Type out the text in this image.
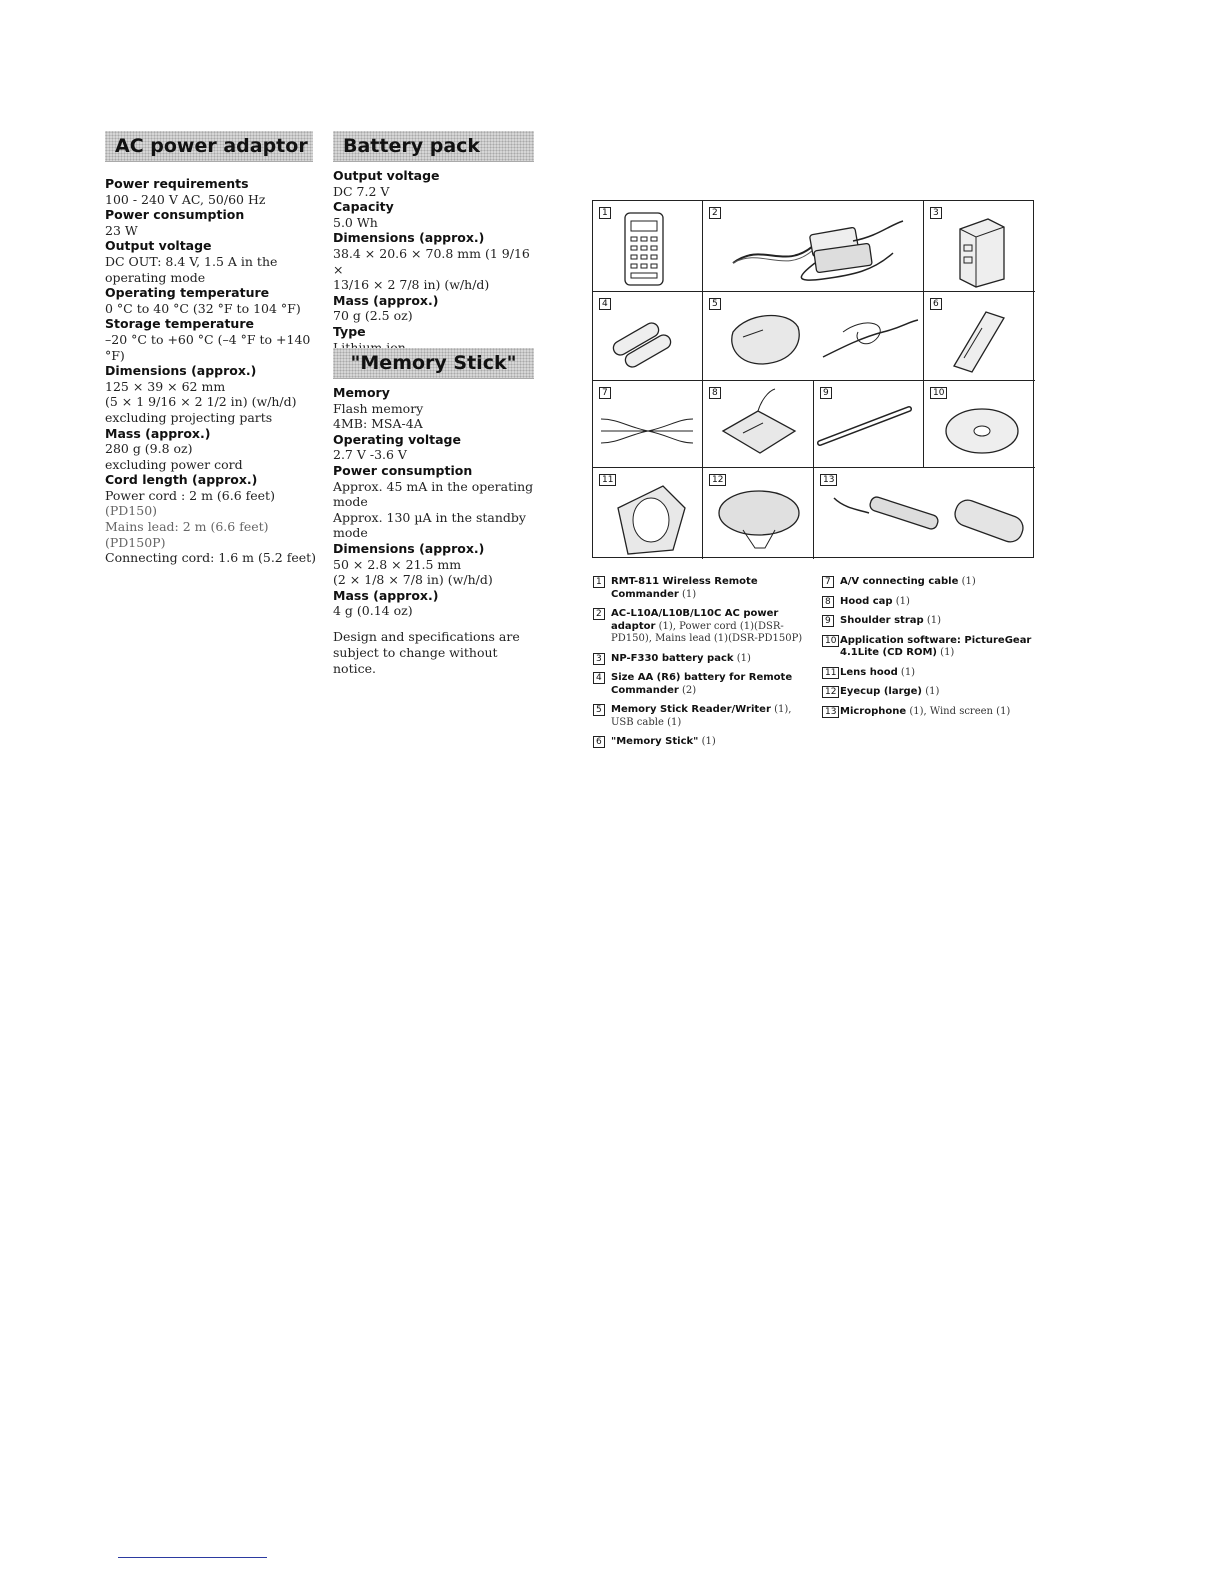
AC power adaptor
Power requirements
100 - 240 V AC, 50/60 Hz
Power consumption
23 W
Output voltage
DC OUT: 8.4 V, 1.5 A in the
operating mode
Operating temperature
0 °C to 40 °C (32 °F to 104 °F)
Storage temperature
–20 °C to +60 °C (–4 °F to +140 °F)
Dimensions (approx.)
125 × 39 × 62 mm
(5 × 1 9/16 × 2 1/2 in) (w/h/d)
excluding projecting parts
Mass (approx.)
280 g (9.8 oz)
excluding power cord
Cord length (approx.)
Power cord : 2 m (6.6 feet)(PD150)
Mains lead: 2 m (6.6 feet)(PD150P)
Connecting cord: 1.6 m (5.2 feet)
Battery pack
Output voltage
DC 7.2 V
Capacity
5.0 Wh
Dimensions (approx.)
38.4 × 20.6 × 70.8 mm (1 9/16 ×
13/16 × 2 7/8 in) (w/h/d)
Mass (approx.)
70 g (2.5 oz)
Type
"Memory Stick"
Memory
Flash memory
4MB: MSA-4A
Operating voltage
2.7 V -3.6 V
Power consumption
Approx. 45 mA in the operating
mode
Approx. 130 µA in the standby
mode
Dimensions (approx.)
50 × 2.8 × 21.5 mm
(2 × 1/8 × 7/8 in) (w/h/d)
Mass (approx.)
4 g (0.14 oz)
Design and specifications are
subject to change without notice.
1	2	3
4	5	6
7	8	9	10
11	12	13
1 RMT-811 Wireless Remote Commander (1)
2 AC-L10A/L10B/L10C AC power adaptor (1), Power cord (1)(DSR-PD150), Mains lead (1)(DSR-PD150P)
3 NP-F330 battery pack (1)
4 Size AA (R6) battery for Remote Commander (2)
5 Memory Stick Reader/Writer (1), USB cable (1)
6 "Memory Stick" (1)
7 A/V connecting cable (1)
8 Hood cap (1)
9 Shoulder strap (1)
10 Application software: PictureGear 4.1Lite (CD ROM) (1)
11 Lens hood (1)
12 Eyecup (large) (1)
13 Microphone (1), Wind screen (1)
